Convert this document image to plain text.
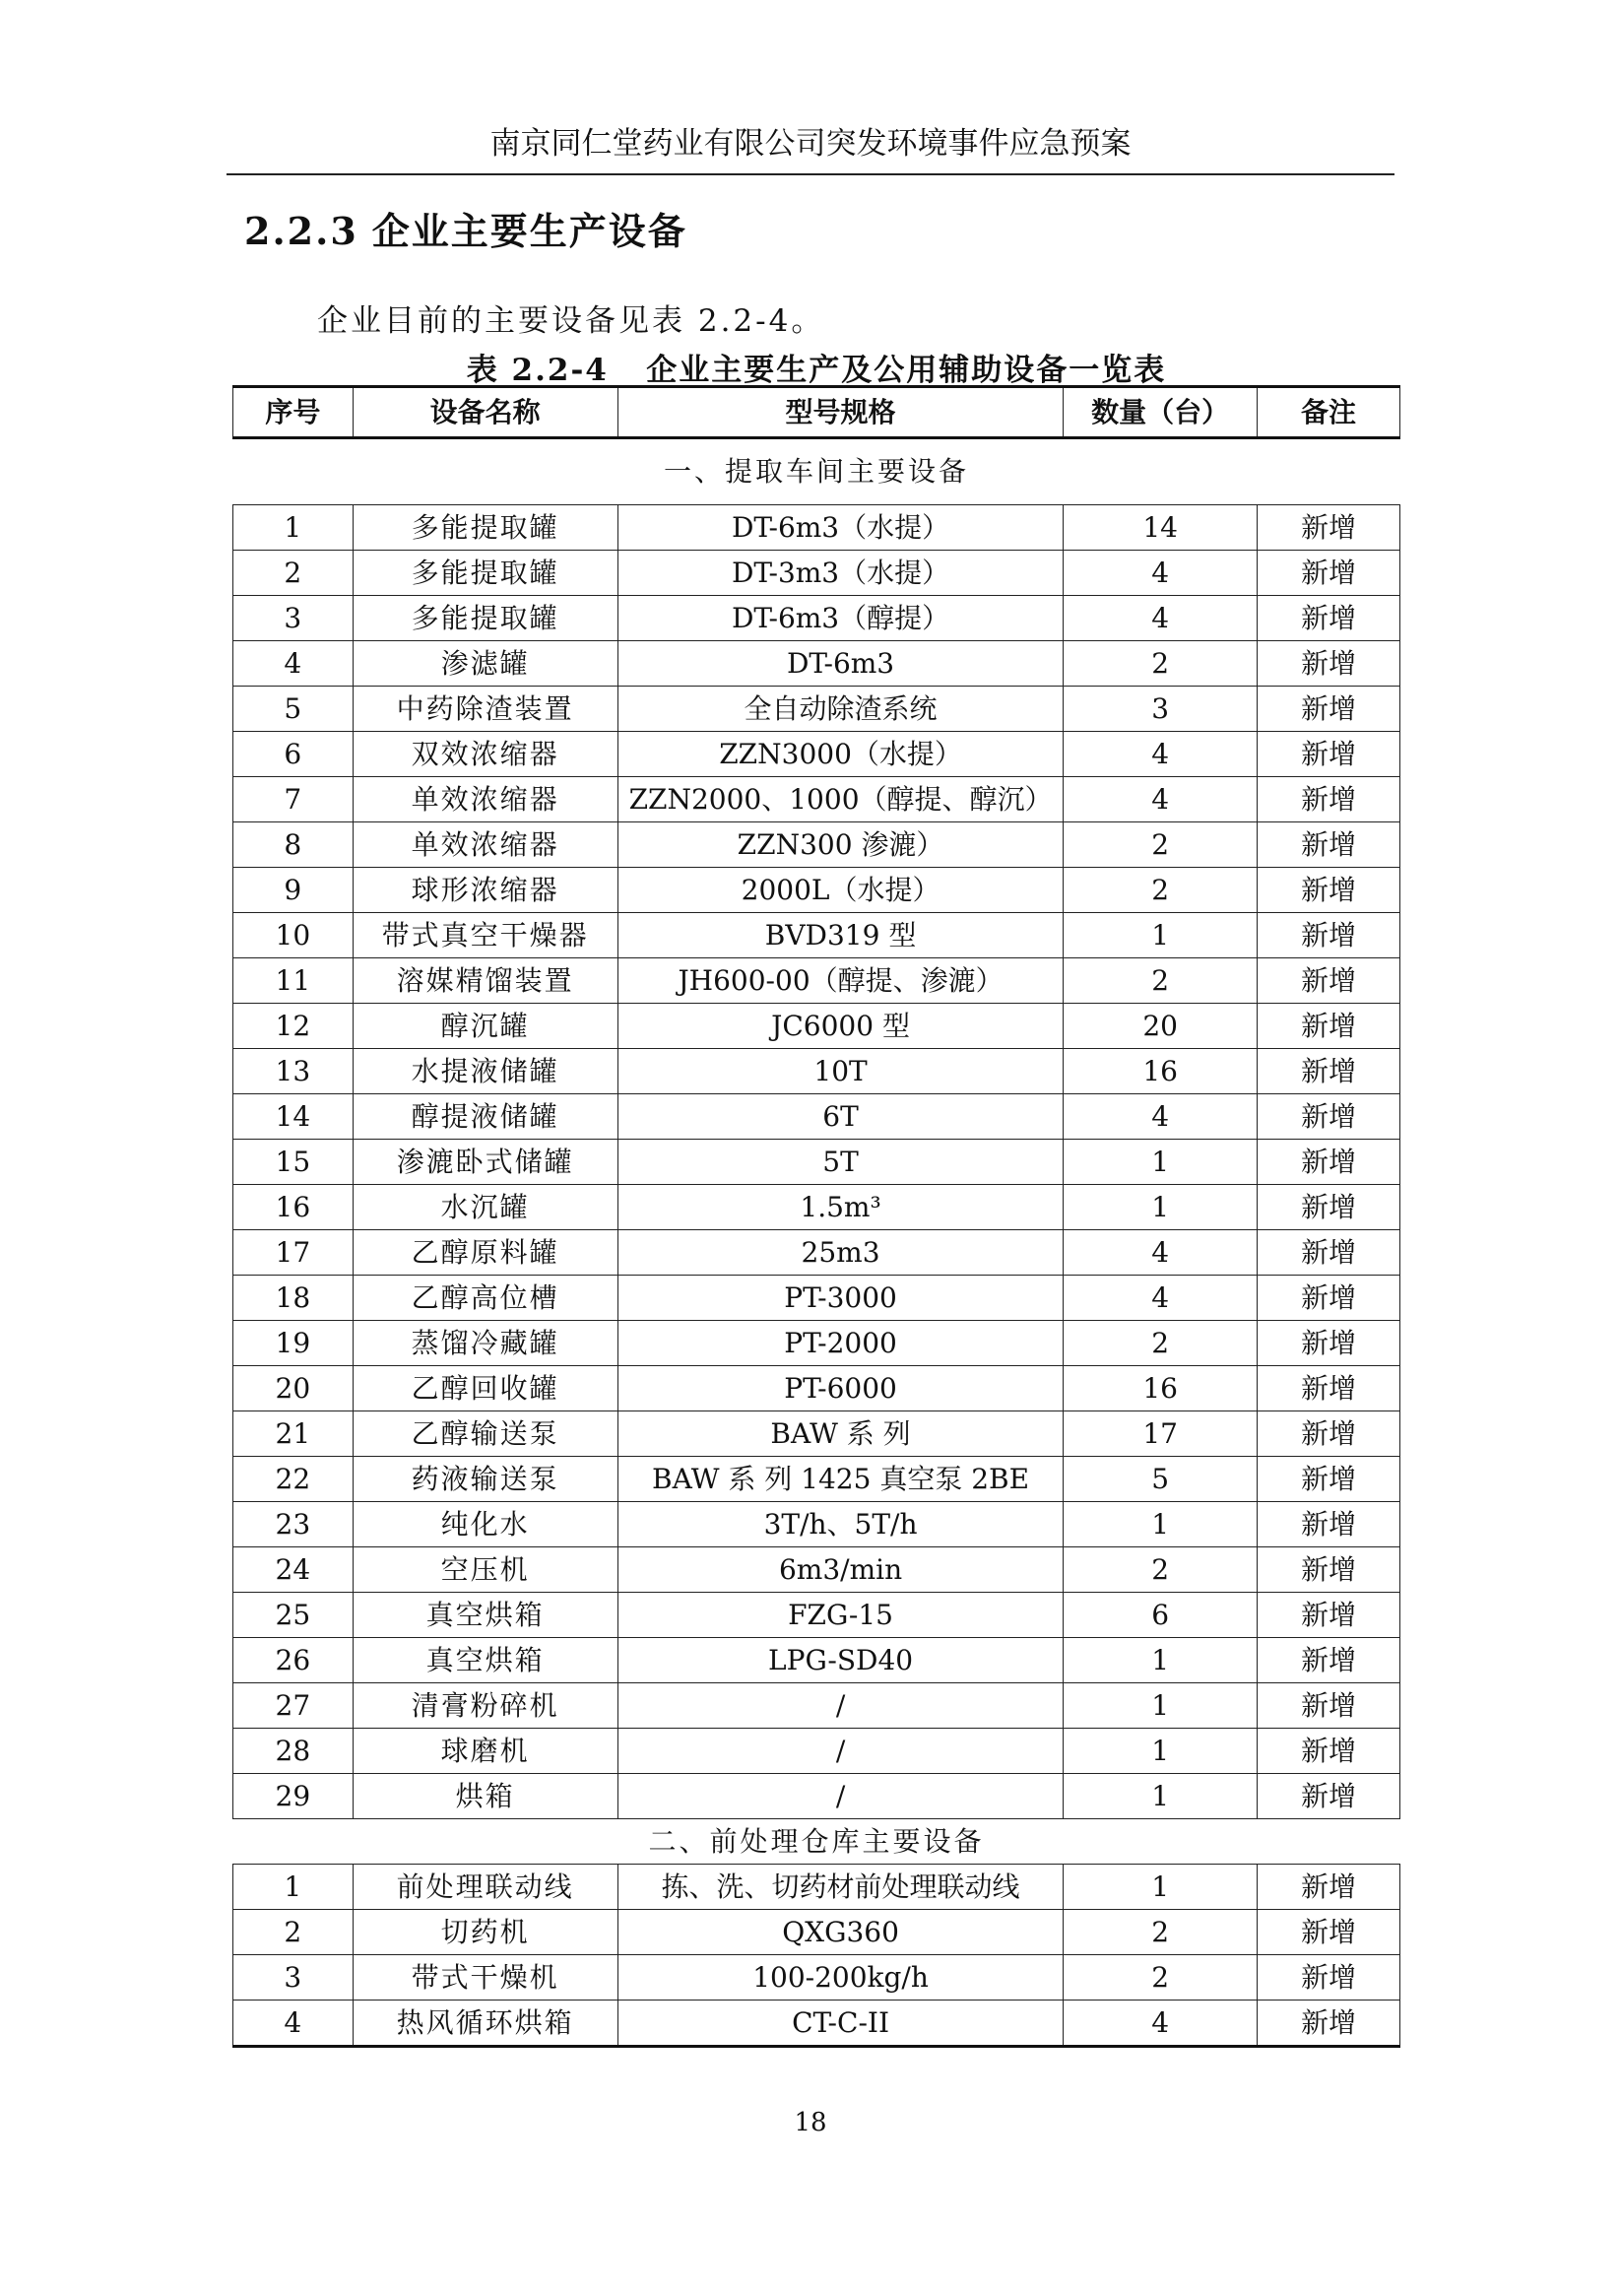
南京同仁堂药业有限公司突发环境事件应急预案
2.2.3 企业主要生产设备
企业目前的主要设备见表 2.2-4。
表 2.2-4 企业主要生产及公用辅助设备一览表
序号	设备名称	型号规格	数量（台）	备注
一、提取车间主要设备				
1	多能提取罐	DT-6m3（水提）	14	新增
2	多能提取罐	DT-3m3（水提）	4	新增
3	多能提取罐	DT-6m3（醇提）	4	新增
4	渗滤罐	DT-6m3	2	新增
5	中药除渣装置	全自动除渣系统	3	新增
6	双效浓缩器	ZZN3000（水提）	4	新增
7	单效浓缩器	ZZN2000、1000（醇提、醇沉）	4	新增
8	单效浓缩器	ZZN300 渗漉）	2	新增
9	球形浓缩器	2000L（水提）	2	新增
10	带式真空干燥器	BVD319 型	1	新增
11	溶媒精馏装置	JH600-00（醇提、渗漉）	2	新增
12	醇沉罐	JC6000 型	20	新增
13	水提液储罐	10T	16	新增
14	醇提液储罐	6T	4	新增
15	渗漉卧式储罐	5T	1	新增
16	水沉罐	1.5m³	1	新增
17	乙醇原料罐	25m3	4	新增
18	乙醇高位槽	PT-3000	4	新增
19	蒸馏冷藏罐	PT-2000	2	新增
20	乙醇回收罐	PT-6000	16	新增
21	乙醇输送泵	BAW 系 列	17	新增
22	药液输送泵	BAW 系 列 1425 真空泵 2BE	5	新增
23	纯化水	3T/h、5T/h	1	新增
24	空压机	6m3/min	2	新增
25	真空烘箱	FZG-15	6	新增
26	真空烘箱	LPG-SD40	1	新增
27	清膏粉碎机	/	1	新增
28	球磨机	/	1	新增
29	烘箱	/	1	新增
二、前处理仓库主要设备				
1	前处理联动线	拣、洗、切药材前处理联动线	1	新增
2	切药机	QXG360	2	新增
3	带式干燥机	100-200kg/h	2	新增
4	热风循环烘箱	CT-C-II	4	新增
18
